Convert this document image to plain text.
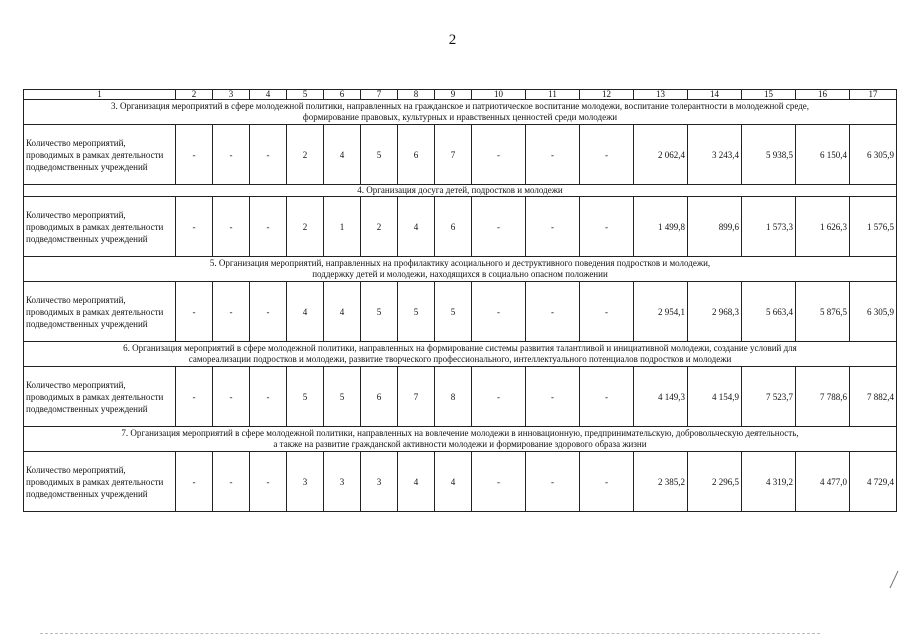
2
1	2	3	4	5	6	7	8	9	10	11	12	13	14	15	16	17

3. Организация мероприятий в сфере молодежной политики, направленных на гражданское и патриотическое воспитание молодежи, воспитание толерантности в молодежной среде,
формирование правовых, культурных и нравственных ценностей среди молодежи																

Количество мероприятий, проводимых в рамках деятельности подведомственных учреждений	-	-	-	2	4	5	6	7	-	-	-	2 062,4	3 243,4	5 938,5	6 150,4	6 305,9

4. Организация досуга детей, подростков и молодежи																

Количество мероприятий, проводимых в рамках деятельности подведомственных учреждений	-	-	-	2	1	2	4	6	-	-	-	1 499,8	899,6	1 573,3	1 626,3	1 576,5

5. Организация мероприятий, направленных на профилактику асоциального и деструктивного поведения подростков и молодежи,
поддержку детей и молодежи, находящихся в социально опасном положении																

Количество мероприятий, проводимых в рамках деятельности подведомственных учреждений	-	-	-	4	4	5	5	5	-	-	-	2 954,1	2 968,3	5 663,4	5 876,5	6 305,9

6. Организация мероприятий в сфере молодежной политики, направленных на формирование системы развития талантливой и инициативной молодежи, создание условий для
самореализации подростков и молодежи, развитие творческого профессионального, интеллектуального потенциалов подростков и молодежи																

Количество мероприятий, проводимых в рамках деятельности подведомственных учреждений	-	-	-	5	5	6	7	8	-	-	-	4 149,3	4 154,9	7 523,7	7 788,6	7 882,4

7. Организация мероприятий в сфере молодежной политики, направленных на вовлечение молодежи в инновационную, предпринимательскую, добровольческую деятельность,
а также на развитие гражданской активности молодежи и формирование здорового образа жизни																

Количество мероприятий, проводимых в рамках деятельности подведомственных учреждений	-	-	-	3	3	3	4	4	-	-	-	2 385,2	2 296,5	4 319,2	4 477,0	4 729,4
